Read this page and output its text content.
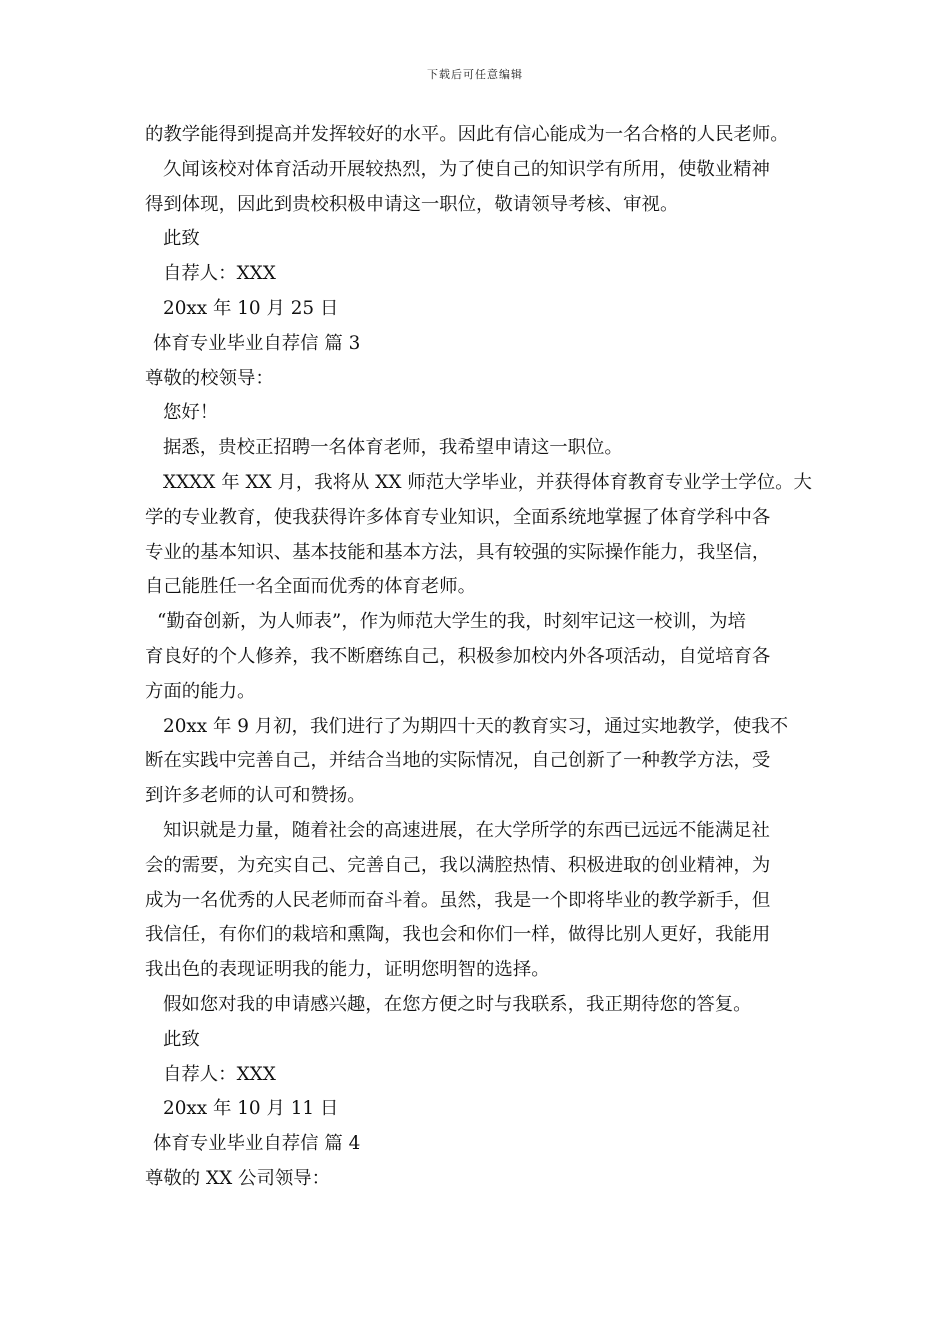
下载后可任意编辑
的教学能得到提高并发挥较好的水平。因此有信心能成为一名合格的人民老师。
久闻该校对体育活动开展较热烈，为了使自己的知识学有所用，使敬业精神
得到体现，因此到贵校积极申请这一职位，敬请领导考核、审视。
此致
自荐人：XXX
20xx 年 10 月 25 日
体育专业毕业自荐信 篇 3
尊敬的校领导：
您好！
据悉，贵校正招聘一名体育老师，我希望申请这一职位。
XXXX 年 XX 月，我将从 XX 师范大学毕业，并获得体育教育专业学士学位。大
学的专业教育，使我获得许多体育专业知识，全面系统地掌握了体育学科中各
专业的基本知识、基本技能和基本方法，具有较强的实际操作能力，我坚信，
自己能胜任一名全面而优秀的体育老师。
“勤奋创新，为人师表”，作为师范大学生的我，时刻牢记这一校训，为培
育良好的个人修养，我不断磨练自己，积极参加校内外各项活动，自觉培育各
方面的能力。
20xx 年 9 月初，我们进行了为期四十天的教育实习，通过实地教学，使我不
断在实践中完善自己，并结合当地的实际情况，自己创新了一种教学方法，受
到许多老师的认可和赞扬。
知识就是力量，随着社会的高速进展，在大学所学的东西已远远不能满足社
会的需要，为充实自己、完善自己，我以满腔热情、积极进取的创业精神，为
成为一名优秀的人民老师而奋斗着。虽然，我是一个即将毕业的教学新手，但
我信任，有你们的栽培和熏陶，我也会和你们一样，做得比别人更好，我能用
我出色的表现证明我的能力，证明您明智的选择。
假如您对我的申请感兴趣，在您方便之时与我联系，我正期待您的答复。
此致
自荐人：XXX
20xx 年 10 月 11 日
体育专业毕业自荐信 篇 4
尊敬的 XX 公司领导：
